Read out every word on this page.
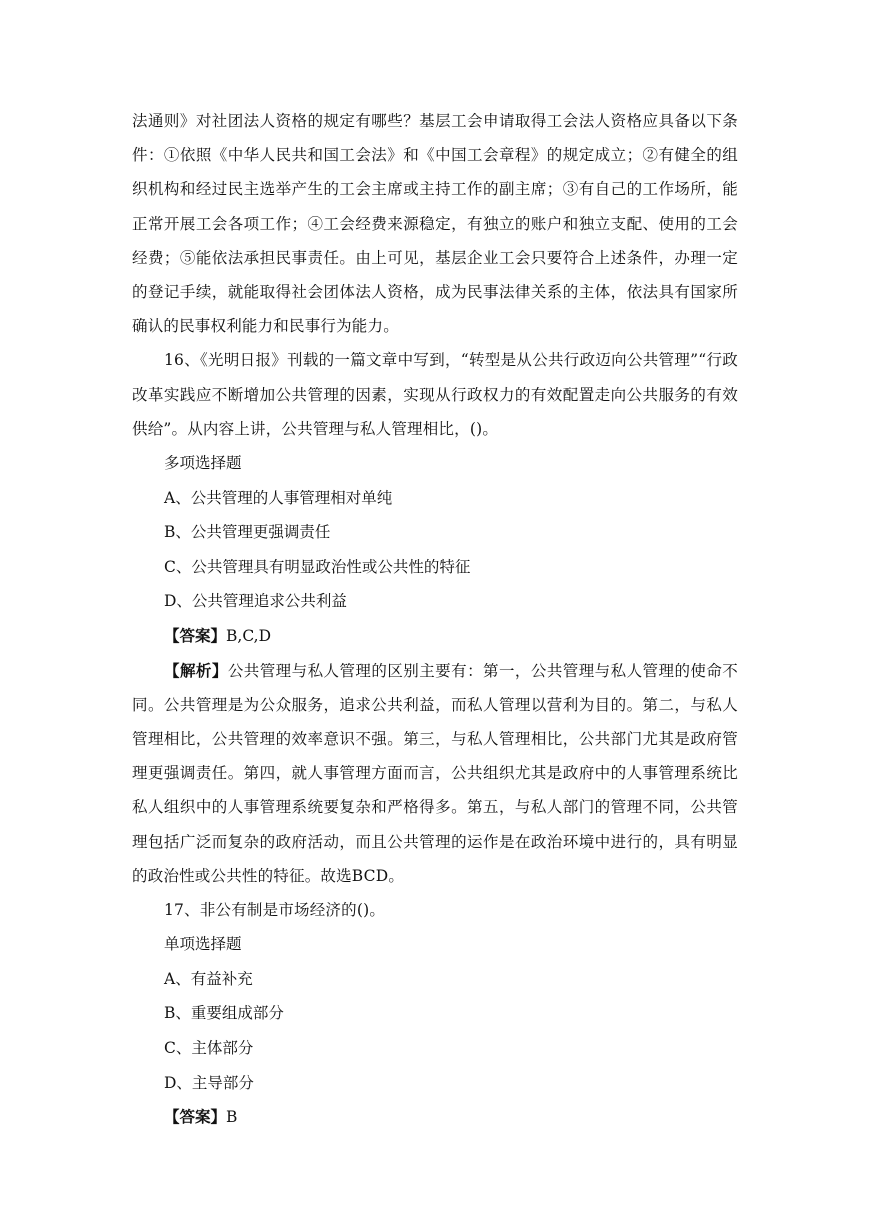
法通则》对社团法人资格的规定有哪些？基层工会申请取得工会法人资格应具备以下条件：①依照《中华人民共和国工会法》和《中国工会章程》的规定成立；②有健全的组织机构和经过民主选举产生的工会主席或主持工作的副主席；③有自己的工作场所，能正常开展工会各项工作；④工会经费来源稳定，有独立的账户和独立支配、使用的工会经费；⑤能依法承担民事责任。由上可见，基层企业工会只要符合上述条件，办理一定的登记手续，就能取得社会团体法人资格，成为民事法律关系的主体，依法具有国家所确认的民事权利能力和民事行为能力。

16、《光明日报》刊载的一篇文章中写到，“转型是从公共行政迈向公共管理”“行政改革实践应不断增加公共管理的因素，实现从行政权力的有效配置走向公共服务的有效供给”。从内容上讲，公共管理与私人管理相比，()。

多项选择题

A、公共管理的人事管理相对单纯

B、公共管理更强调责任

C、公共管理具有明显政治性或公共性的特征

D、公共管理追求公共利益

【答案】B,C,D

【解析】公共管理与私人管理的区别主要有：第一，公共管理与私人管理的使命不同。公共管理是为公众服务，追求公共利益，而私人管理以营利为目的。第二，与私人管理相比，公共管理的效率意识不强。第三，与私人管理相比，公共部门尤其是政府管理更强调责任。第四，就人事管理方面而言，公共组织尤其是政府中的人事管理系统比私人组织中的人事管理系统要复杂和严格得多。第五，与私人部门的管理不同，公共管理包括广泛而复杂的政府活动，而且公共管理的运作是在政治环境中进行的，具有明显的政治性或公共性的特征。故选BCD。

17、非公有制是市场经济的()。

单项选择题

A、有益补充

B、重要组成部分

C、主体部分

D、主导部分

【答案】B
